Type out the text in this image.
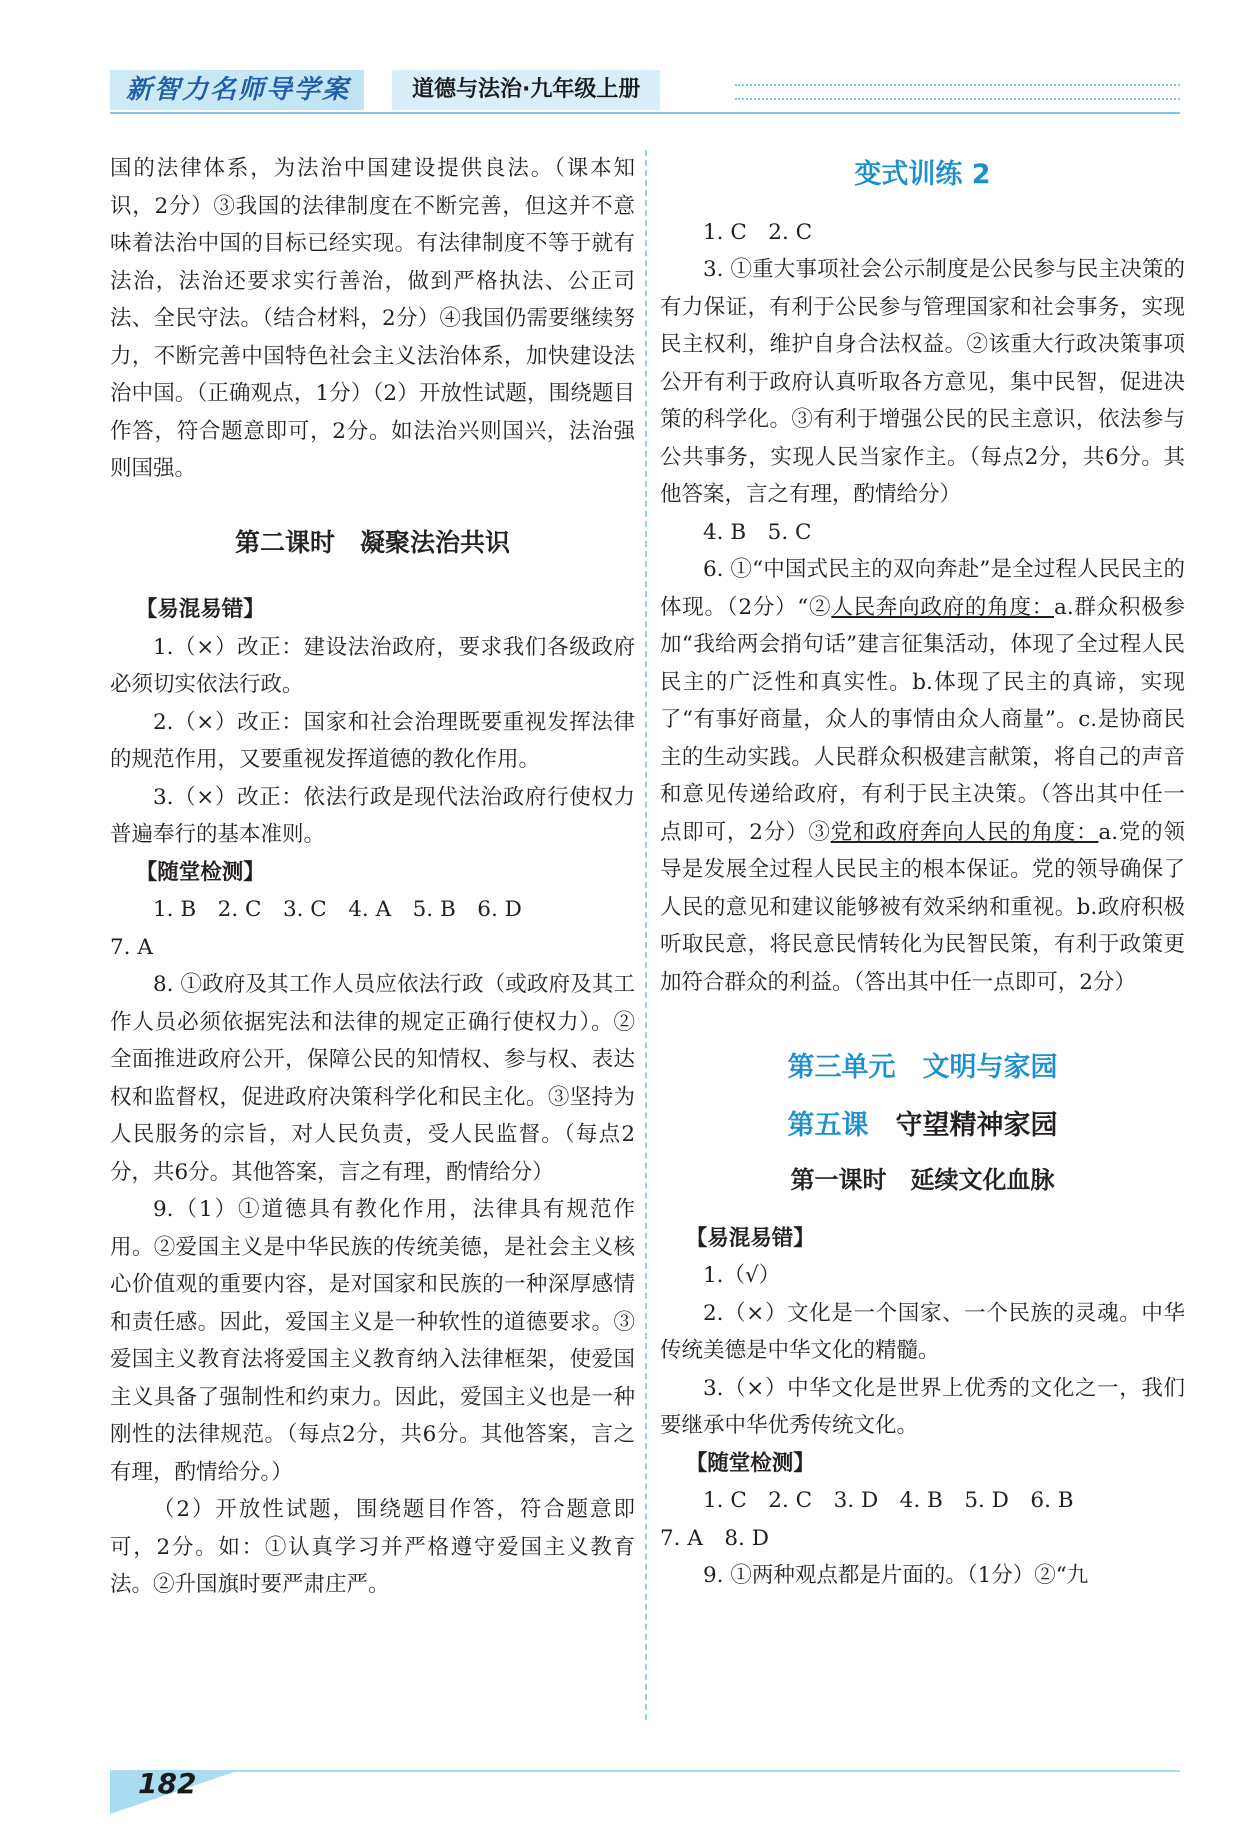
新智力名师导学案	道德与法治·九年级上册

国的法律体系，为法治中国建设提供良法。（课本知识，2分）③我国的法律制度在不断完善，但这并不意味着法治中国的目标已经实现。有法律制度不等于就有法治，法治还要求实行善治，做到严格执法、公正司法、全民守法。（结合材料，2分）④我国仍需要继续努力，不断完善中国特色社会主义法治体系，加快建设法治中国。（正确观点，1分）（2）开放性试题，围绕题目作答，符合题意即可，2分。如法治兴则国兴，法治强则国强。

第二课时　凝聚法治共识

【易混易错】

1.（×）改正：建设法治政府，要求我们各级政府必须切实依法行政。

2.（×）改正：国家和社会治理既要重视发挥法律的规范作用，又要重视发挥道德的教化作用。

3.（×）改正：依法行政是现代法治政府行使权力普遍奉行的基本准则。

【随堂检测】

1. B　2. C　3. C　4. A　5. B　6. D

7. A

8. ①政府及其工作人员应依法行政（或政府及其工作人员必须依据宪法和法律的规定正确行使权力）。②全面推进政府公开，保障公民的知情权、参与权、表达权和监督权，促进政府决策科学化和民主化。③坚持为人民服务的宗旨，对人民负责，受人民监督。（每点2分，共6分。其他答案，言之有理，酌情给分）

9.（1）①道德具有教化作用，法律具有规范作用。②爱国主义是中华民族的传统美德，是社会主义核心价值观的重要内容，是对国家和民族的一种深厚感情和责任感。因此，爱国主义是一种软性的道德要求。③爱国主义教育法将爱国主义教育纳入法律框架，使爱国主义具备了强制性和约束力。因此，爱国主义也是一种刚性的法律规范。（每点2分，共6分。其他答案，言之有理，酌情给分。）

（2）开放性试题，围绕题目作答，符合题意即可，2分。如：①认真学习并严格遵守爱国主义教育法。②升国旗时要严肃庄严。

变式训练 2

1. C　2. C

3. ①重大事项社会公示制度是公民参与民主决策的有力保证，有利于公民参与管理国家和社会事务，实现民主权利，维护自身合法权益。②该重大行政决策事项公开有利于政府认真听取各方意见，集中民智，促进决策的科学化。③有利于增强公民的民主意识，依法参与公共事务，实现人民当家作主。（每点2分，共6分。其他答案，言之有理，酌情给分）

4. B　5. C

6. ①“中国式民主的双向奔赴”是全过程人民民主的体现。（2分）“②人民奔向政府的角度：a.群众积极参加“我给两会捎句话”建言征集活动，体现了全过程人民民主的广泛性和真实性。b.体现了民主的真谛，实现了“有事好商量，众人的事情由众人商量”。c.是协商民主的生动实践。人民群众积极建言献策，将自己的声音和意见传递给政府，有利于民主决策。（答出其中任一点即可，2分）③党和政府奔向人民的角度：a.党的领导是发展全过程人民民主的根本保证。党的领导确保了人民的意见和建议能够被有效采纳和重视。b.政府积极听取民意，将民意民情转化为民智民策，有利于政策更加符合群众的利益。（答出其中任一点即可，2分）

第三单元　文明与家园
第五课　 守望精神家园
第一课时　延续文化血脉

【易混易错】

1.（√）

2.（×）文化是一个国家、一个民族的灵魂。中华传统美德是中华文化的精髓。

3.（×）中华文化是世界上优秀的文化之一，我们要继承中华优秀传统文化。

【随堂检测】

1. C　2. C　3. D　4. B　5. D　6. B

7. A　8. D

9. ①两种观点都是片面的。（1分）②“九

182
